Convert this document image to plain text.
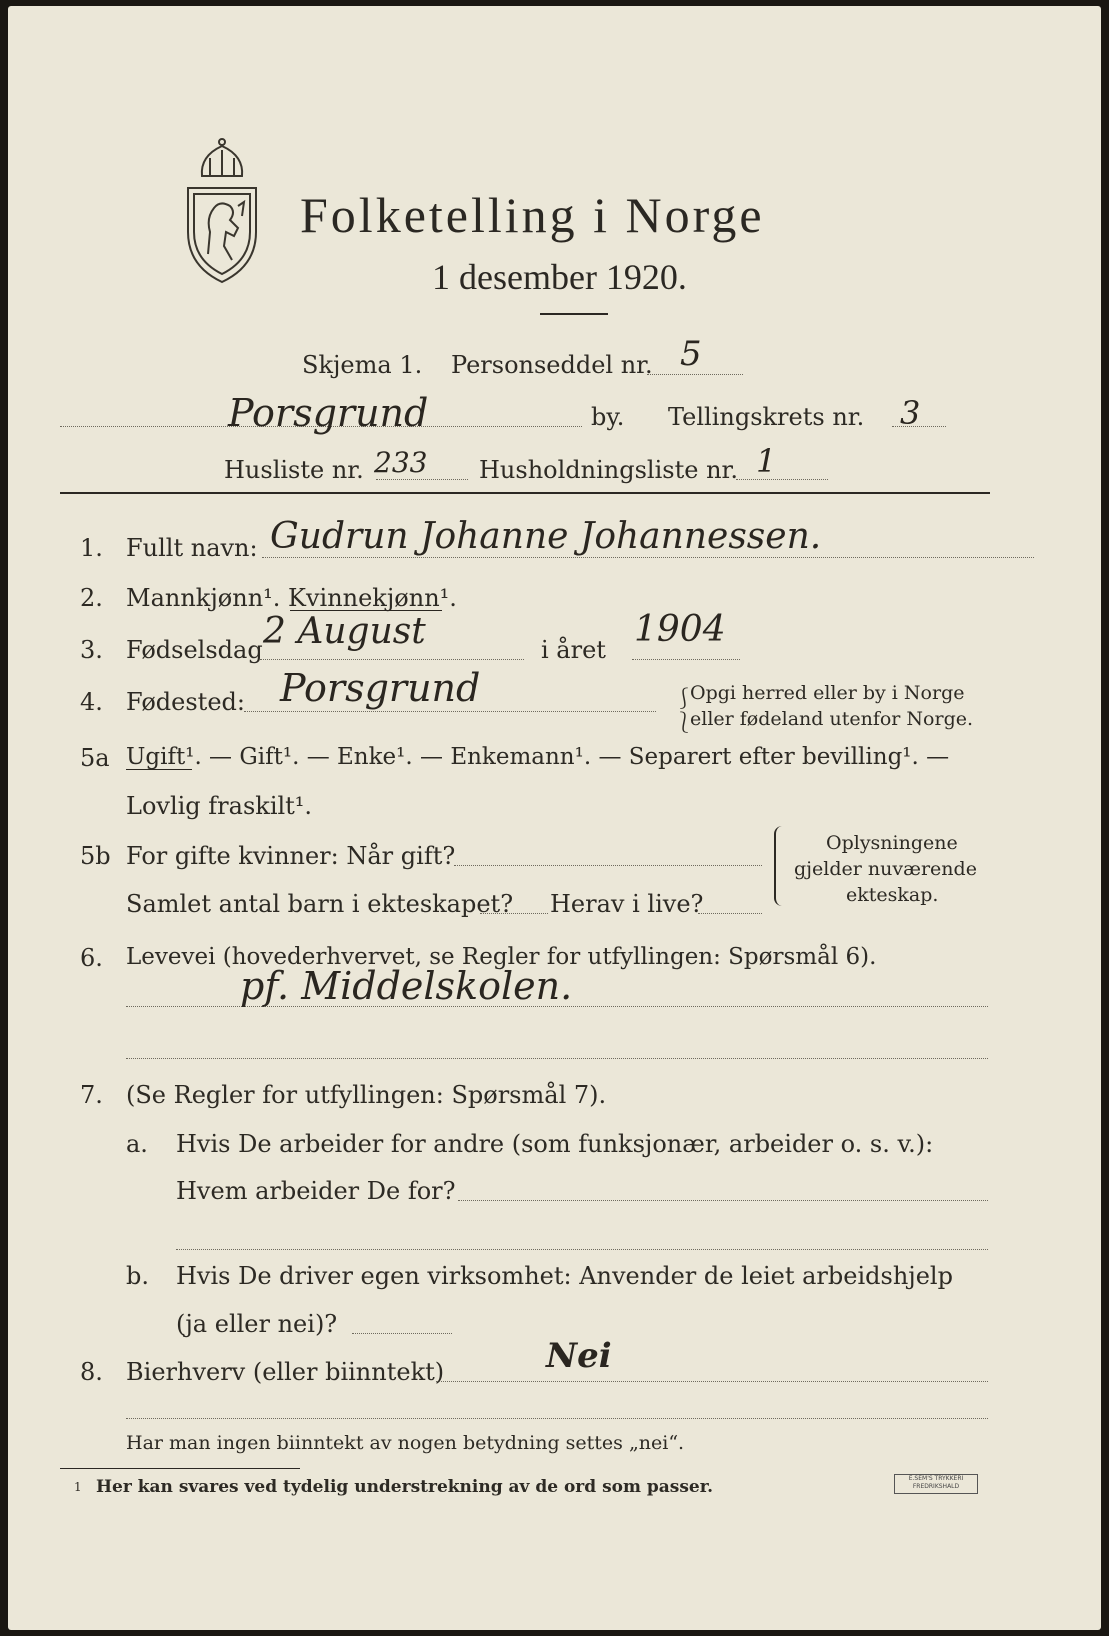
Folketelling i Norge
1 desember 1920.
Skjema 1. Personseddel nr. 5
Porsgrund	by. Tellingskrets nr. 3
Husliste nr. 233 Husholdningsliste nr. 1
1. Fullt navn: Gudrun Johanne Johannessen.
2. Mannkjønn¹. Kvinnekjønn¹.
3. Fødselsdag 2 August	i året 1904
4. Fødested: Porsgrund	⎰
⎱
Opgi herred eller by i Norge
eller fødeland utenfor Norge.
5a Ugift¹. — Gift¹. — Enke¹. — Enkemann¹. — Separert efter bevilling¹. —
Lovlig fraskilt¹.
5b For gifte kvinner: Når gift?
Samlet antal barn i ekteskapet? Herav i live?
Oplysningene
gjelder nuværende
ekteskap.
6. Levevei (hovederhvervet, se Regler for utfyllingen: Spørsmål 6).
pf. Middelskolen.
7. (Se Regler for utfyllingen: Spørsmål 7).
a. Hvis De arbeider for andre (som funksjonær, arbeider o. s. v.):
Hvem arbeider De for?
b. Hvis De driver egen virksomhet: Anvender de leiet arbeidshjelp
(ja eller nei)?
8. Bierhverv (eller biinntekt)	Nei
Har man ingen biinntekt av nogen betydning settes „nei“.
1 Her kan svares ved tydelig understrekning av de ord som passer.	E.SEM'S TRYKKERI
FREDRIKSHALD
